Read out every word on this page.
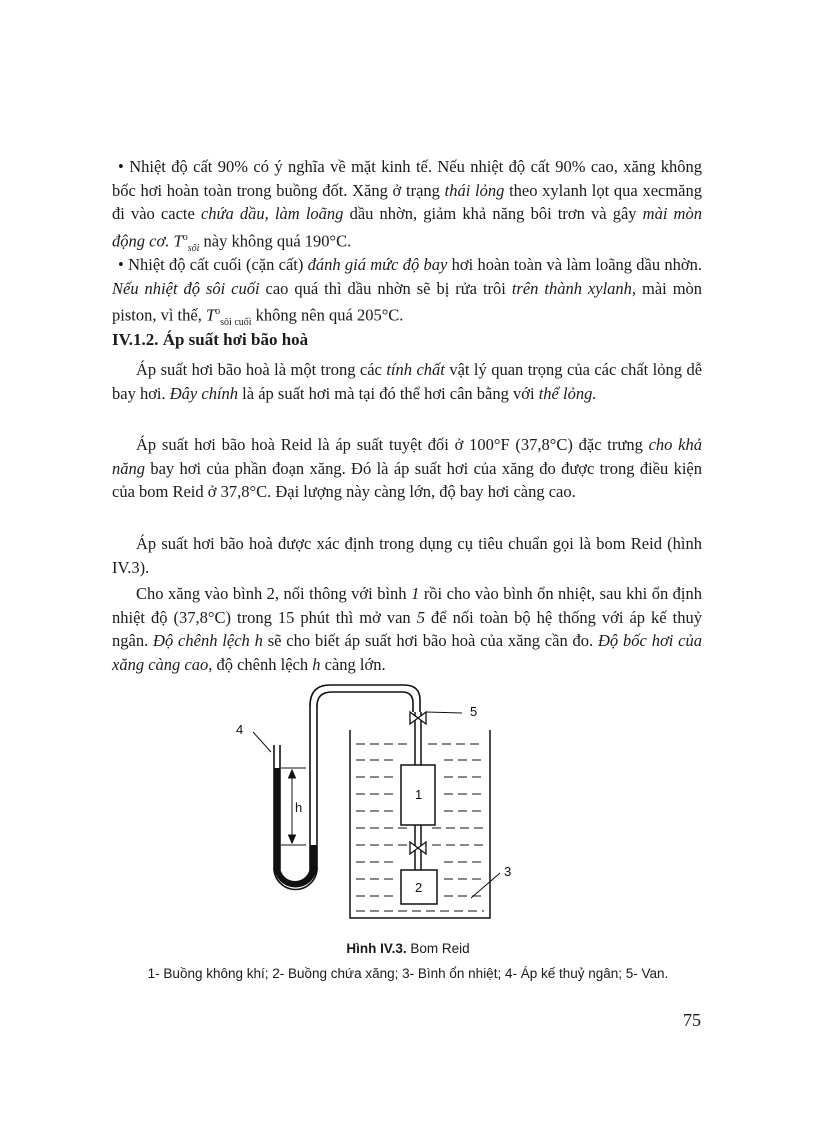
• Nhiệt độ cất 90% có ý nghĩa về mặt kinh tế. Nếu nhiệt độ cất 90% cao, xăng không bốc hơi hoàn toàn trong buồng đốt. Xăng ở trạng thái lỏng theo xylanh lọt qua xecmăng đi vào cacte chứa dầu, làm loãng dầu nhờn, giảm khả năng bôi trơn và gây mài mòn động cơ. $T^o_{sôi}$ này không quá 190°C.

• Nhiệt độ cất cuối (cặn cất) đánh giá mức độ bay hơi hoàn toàn và làm loãng dầu nhờn. Nếu nhiệt độ sôi cuối cao quá thì dầu nhờn sẽ bị rửa trôi trên thành xylanh, mài mòn piston, vì thế, $T^o_{sôi cuối}$ không nên quá 205°C.

IV.1.2. Áp suất hơi bão hoà

Áp suất hơi bão hoà là một trong các tính chất vật lý quan trọng của các chất lỏng dễ bay hơi. Đây chính là áp suất hơi mà tại đó thể hơi cân bằng với thể lỏng.

Áp suất hơi bão hoà Reid là áp suất tuyệt đối ở 100°F (37,8°C) đặc trưng cho khả năng bay hơi của phần đoạn xăng. Đó là áp suất hơi của xăng đo được trong điều kiện của bom Reid ở 37,8°C. Đại lượng này càng lớn, độ bay hơi càng cao.

Áp suất hơi bão hoà được xác định trong dụng cụ tiêu chuẩn gọi là bom Reid (hình IV.3).

Cho xăng vào bình 2, nối thông với bình 1 rồi cho vào bình ổn nhiệt, sau khi ổn định nhiệt độ (37,8°C) trong 15 phút thì mở van 5 để nối toàn bộ hệ thống với áp kế thuỷ ngân. Độ chênh lệch h sẽ cho biết áp suất hơi bão hoà của xăng cần đo. Độ bốc hơi của xăng càng cao, độ chênh lệch h càng lớn.

4
h
5
1
2
3
Hình IV.3. Bom Reid
1- Buồng không khí; 2- Buồng chứa xăng; 3- Bình ổn nhiệt; 4- Áp kế thuỷ ngân; 5- Van.
75
